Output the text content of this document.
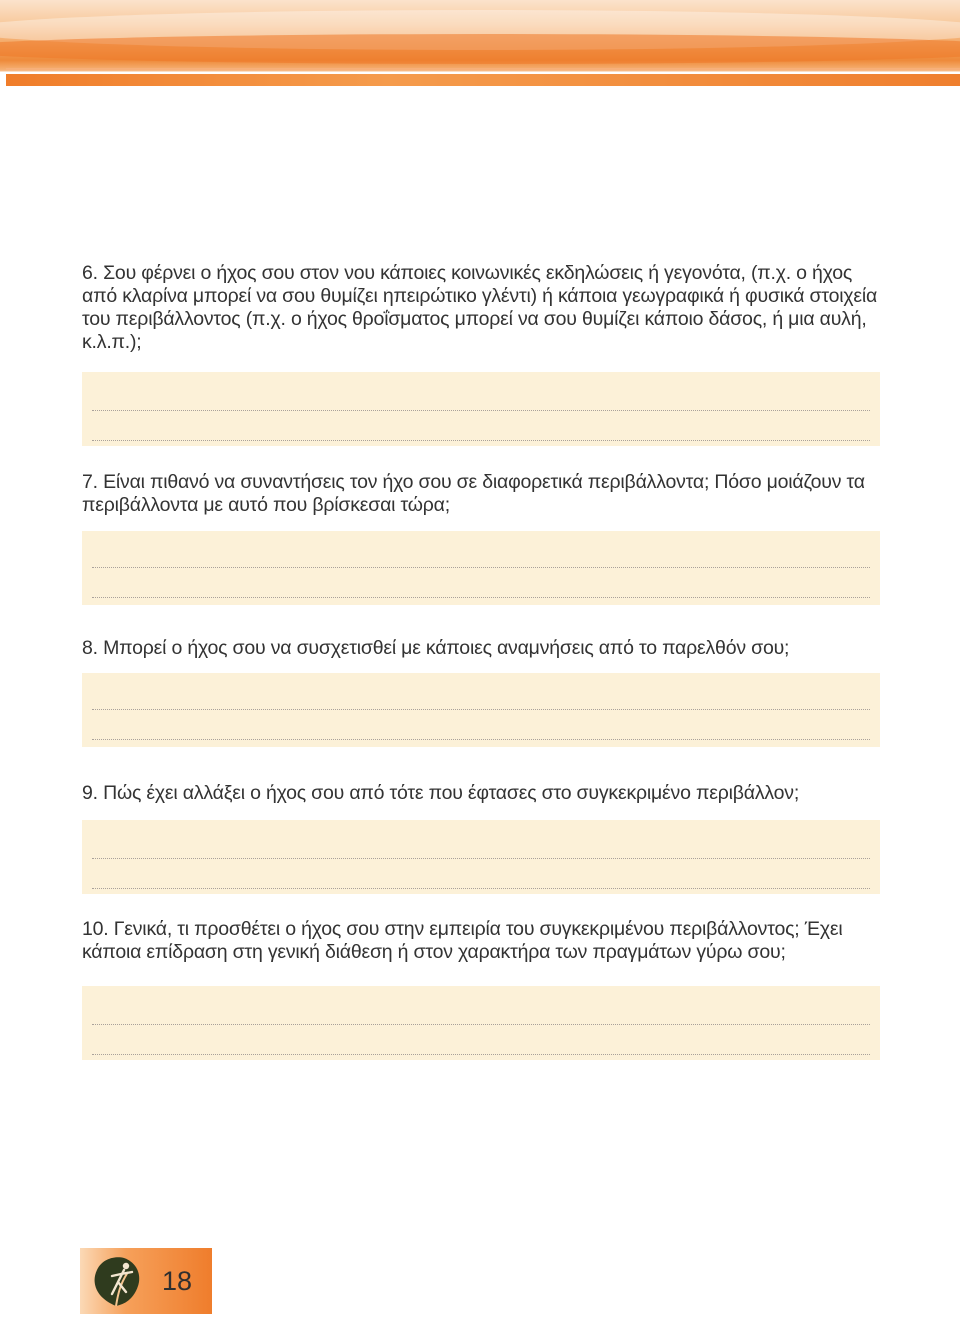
6. Σου φέρνει ο ήχος σου στον νου κάποιες κοινωνικές εκδηλώσεις ή γεγονότα, (π.χ. ο ήχος από κλαρίνα μπορεί να σου θυμίζει ηπειρώτικο γλέντι) ή κάποια γεωγραφικά ή φυσικά στοιχεία του περιβάλλοντος (π.χ. ο ήχος θροΐσματος μπορεί να σου θυμίζει κάποιο δάσος, ή μια αυλή, κ.λ.π.);
7. Είναι πιθανό να συναντήσεις τον ήχο σου σε διαφορετικά περιβάλλοντα; Πόσο μοιάζουν τα περιβάλλοντα με αυτό που βρίσκεσαι τώρα;
8. Μπορεί ο ήχος σου να συσχετισθεί με κάποιες αναμνήσεις από το παρελθόν σου;
9. Πώς έχει αλλάξει ο ήχος σου από τότε που έφτασες στο συγκεκριμένο περιβάλλον;
10. Γενικά, τι προσθέτει ο ήχος σου στην εμπειρία του συγκεκριμένου περιβάλλοντος; Έχει κάποια επίδραση στη γενική διάθεση ή στον χαρακτήρα των πραγμάτων γύρω σου;
18
